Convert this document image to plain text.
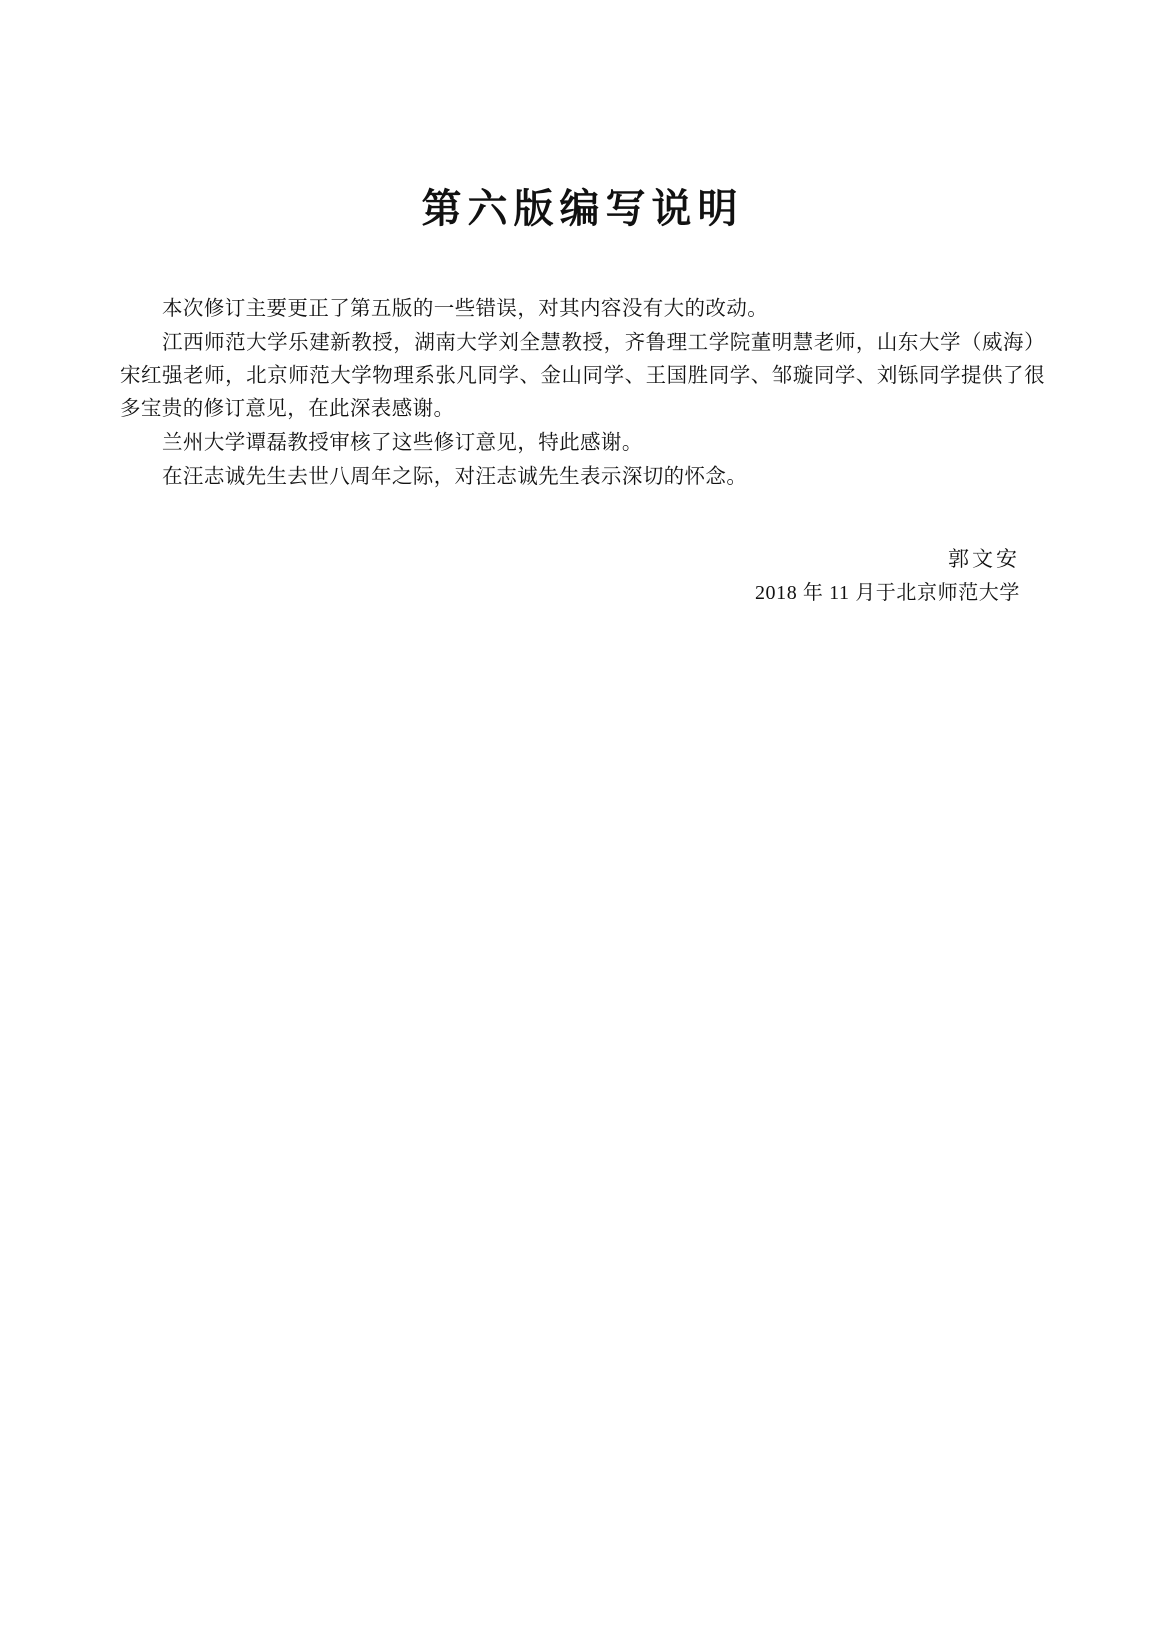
第六版编写说明

本次修订主要更正了第五版的一些错误，对其内容没有大的改动。

江西师范大学乐建新教授，湖南大学刘全慧教授，齐鲁理工学院董明慧老师，山东大学（威海）宋红强老师，北京师范大学物理系张凡同学、金山同学、王国胜同学、邹璇同学、刘铄同学提供了很多宝贵的修订意见，在此深表感谢。

兰州大学谭磊教授审核了这些修订意见，特此感谢。

在汪志诚先生去世八周年之际，对汪志诚先生表示深切的怀念。

郭文安
2018 年 11 月于北京师范大学
